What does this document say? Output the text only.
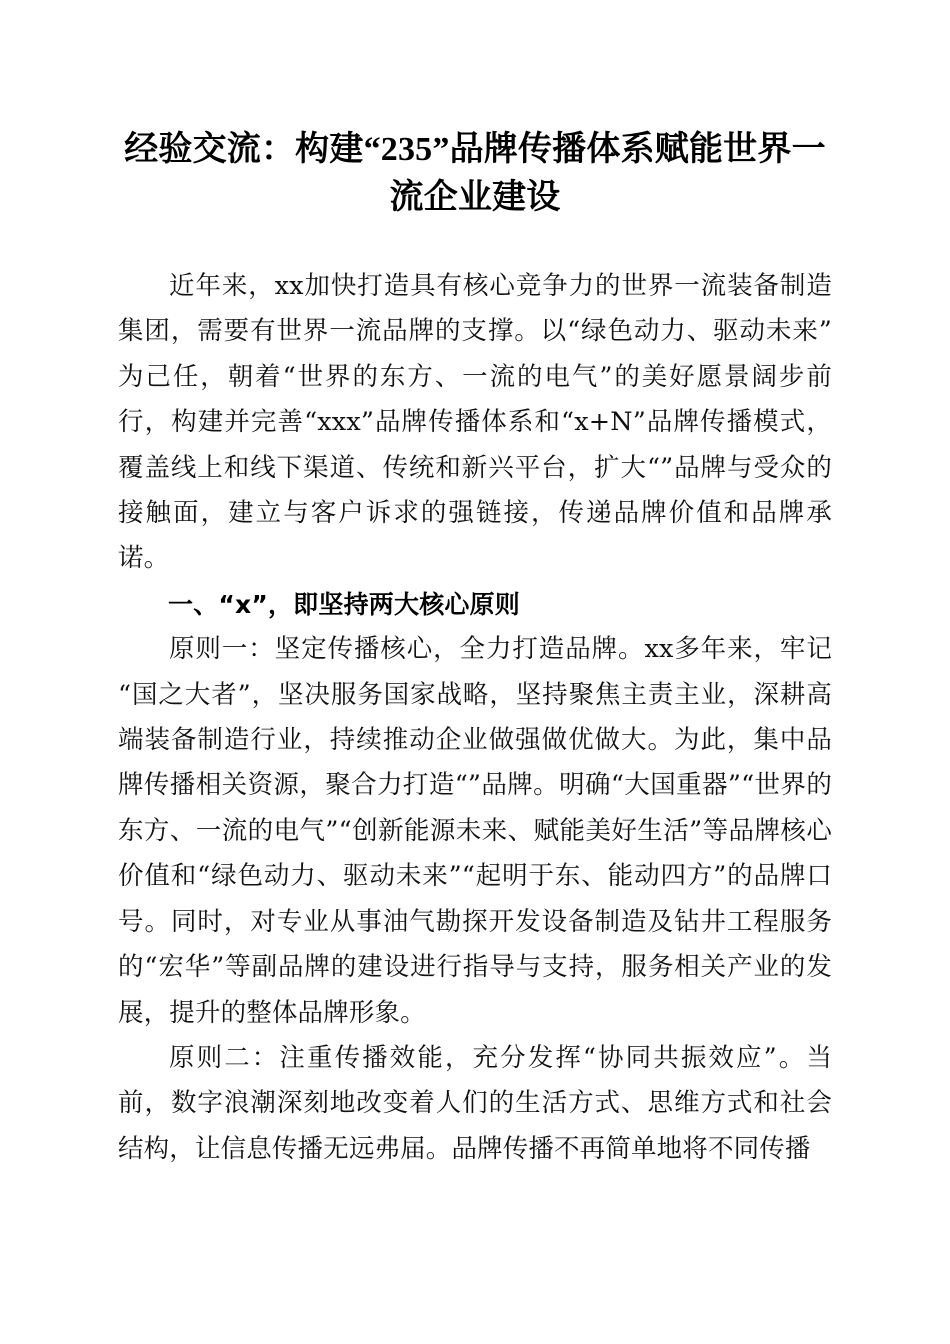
经验交流：构建“235”品牌传播体系赋能世界一流企业建设

近年来，xx加快打造具有核心竞争力的世界一流装备制造集团，需要有世界一流品牌的支撑。以“绿色动力、驱动未来”为己任，朝着“世界的东方、一流的电气”的美好愿景阔步前行，构建并完善“xxx”品牌传播体系和“x+N”品牌传播模式，覆盖线上和线下渠道、传统和新兴平台，扩大“”品牌与受众的接触面，建立与客户诉求的强链接，传递品牌价值和品牌承诺。

一、“x”，即坚持两大核心原则

原则一：坚定传播核心，全力打造品牌。xx多年来，牢记“国之大者”，坚决服务国家战略，坚持聚焦主责主业，深耕高端装备制造行业，持续推动企业做强做优做大。为此，集中品牌传播相关资源，聚合力打造“”品牌。明确“大国重器”“世界的东方、一流的电气”“创新能源未来、赋能美好生活”等品牌核心价值和“绿色动力、驱动未来”“起明于东、能动四方”的品牌口号。同时，对专业从事油气勘探开发设备制造及钻井工程服务的“宏华”等副品牌的建设进行指导与支持，服务相关产业的发展，提升的整体品牌形象。

原则二：注重传播效能，充分发挥“协同共振效应”。当前，数字浪潮深刻地改变着人们的生活方式、思维方式和社会结构，让信息传播无远弗届。品牌传播不再简单地将不同传播
